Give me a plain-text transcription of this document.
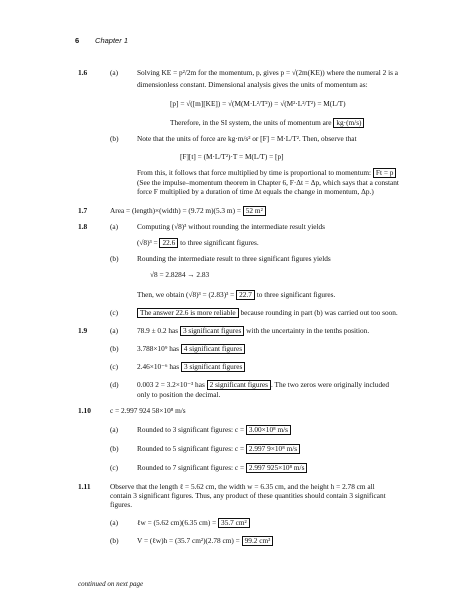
6 Chapter 1
1.6	(a)	Solving KE = p²/2m for the momentum, p, gives p = √(2m(KE)) where the numeral 2 is a
dimensionless constant. Dimensional analysis gives the units of momentum as:
[p] = √([m][KE]) = √(M(M·L²/T²)) = √(M²·L²/T²) = M(L/T)
Therefore, in the SI system, the units of momentum are kg·(m/s)
(b)	Note that the units of force are kg·m/s² or [F] = M·L/T². Then, observe that
[F][t] = (M·L/T²)·T = M(L/T) = [p]
From this, it follows that force multiplied by time is proportional to momentum: Ft = p
(See the impulse–momentum theorem in Chapter 6, F·Δt = Δp, which says that a constant
force F multiplied by a duration of time Δt equals the change in momentum, Δp.)
1.7	Area = (length)×(width) = (9.72 m)(5.3 m) = 52 m²
1.8	(a)	Computing (√8)³ without rounding the intermediate result yields
(√8)³ = 22.6 to three significant figures.
(b)	Rounding the intermediate result to three significant figures yields
√8 = 2.8284 → 2.83
Then, we obtain (√8)³ = (2.83)³ = 22.7 to three significant figures.
(c)	The answer 22.6 is more reliable because rounding in part (b) was carried out too soon.
1.9	(a)	78.9 ± 0.2 has 3 significant figures with the uncertainty in the tenths position.
(b)	3.788×10⁹ has 4 significant figures
(c)	2.46×10⁻⁶ has 3 significant figures
(d)	0.003 2 = 3.2×10⁻³ has 2 significant figures . The two zeros were originally included
only to position the decimal.
1.10	c = 2.997 924 58×10⁸ m/s
(a)	Rounded to 3 significant figures: c = 3.00×10⁸ m/s
(b)	Rounded to 5 significant figures: c = 2.997 9×10⁸ m/s
(c)	Rounded to 7 significant figures: c = 2.997 925×10⁸ m/s
1.11	Observe that the length ℓ = 5.62 cm, the width w = 6.35 cm, and the height h = 2.78 cm all
contain 3 significant figures. Thus, any product of these quantities should contain 3 significant
figures.
(a)	ℓw = (5.62 cm)(6.35 cm) = 35.7 cm²
(b)	V = (ℓw)h = (35.7 cm²)(2.78 cm) = 99.2 cm³
continued on next page
